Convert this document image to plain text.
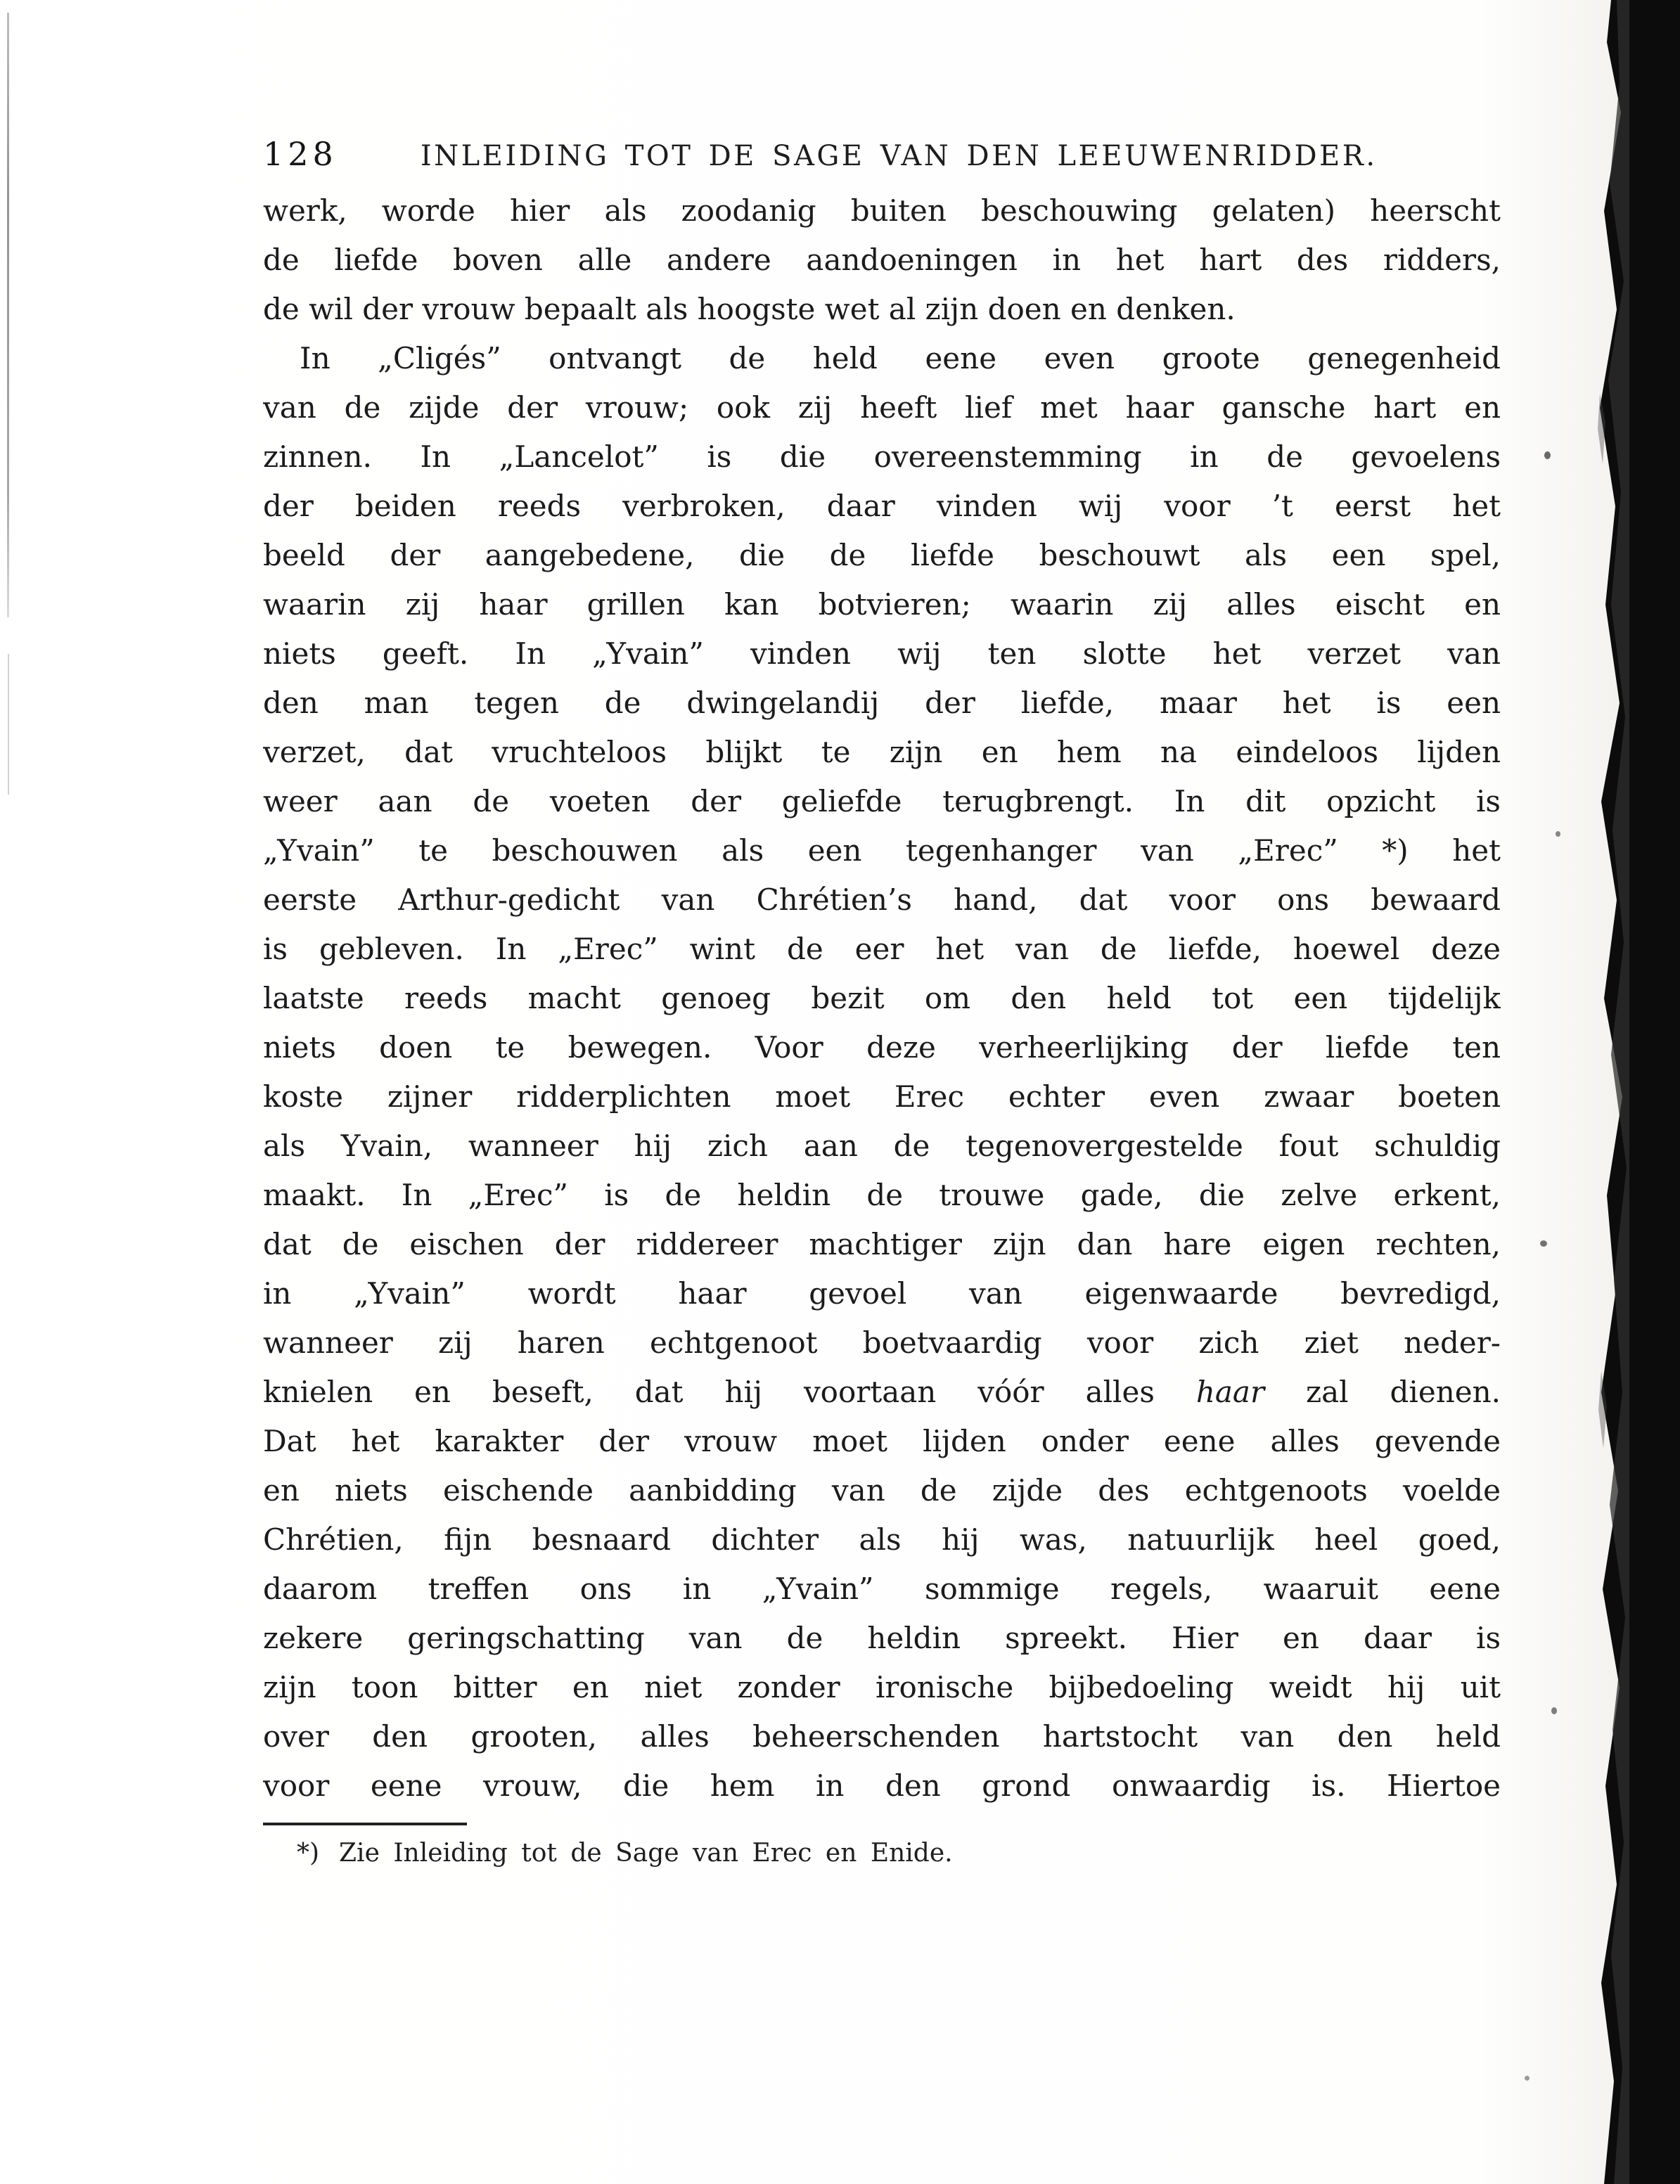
128	INLEIDING TOT DE SAGE VAN DEN LEEUWENRIDDER.
werk, worde hier als zoodanig buiten beschouwing gelaten) heerscht
de liefde boven alle andere aandoeningen in het hart des ridders,
de wil der vrouw bepaalt als hoogste wet al zijn doen en denken.
In „Cligés” ontvangt de held eene even groote genegenheid
van de zijde der vrouw; ook zij heeft lief met haar gansche hart en
zinnen. In „Lancelot” is die overeenstemming in de gevoelens
der beiden reeds verbroken, daar vinden wij voor ’t eerst het
beeld der aangebedene, die de liefde beschouwt als een spel,
waarin zij haar grillen kan botvieren; waarin zij alles eischt en
niets geeft. In „Yvain” vinden wij ten slotte het verzet van
den man tegen de dwingelandij der liefde, maar het is een
verzet, dat vruchteloos blijkt te zijn en hem na eindeloos lijden
weer aan de voeten der geliefde terugbrengt. In dit opzicht is
„Yvain” te beschouwen als een tegenhanger van „Erec” *) het
eerste Arthur-gedicht van Chrétien’s hand, dat voor ons bewaard
is gebleven. In „Erec” wint de eer het van de liefde, hoewel deze
laatste reeds macht genoeg bezit om den held tot een tijdelijk
niets doen te bewegen. Voor deze verheerlijking der liefde ten
koste zijner ridderplichten moet Erec echter even zwaar boeten
als Yvain, wanneer hij zich aan de tegenovergestelde fout schuldig
maakt. In „Erec” is de heldin de trouwe gade, die zelve erkent,
dat de eischen der riddereer machtiger zijn dan hare eigen rechten,
in „Yvain” wordt haar gevoel van eigenwaarde bevredigd,
wanneer zij haren echtgenoot boetvaardig voor zich ziet neder-
knielen en beseft, dat hij voortaan vóór alles haar zal dienen.
Dat het karakter der vrouw moet lijden onder eene alles gevende
en niets eischende aanbidding van de zijde des echtgenoots voelde
Chrétien, fijn besnaard dichter als hij was, natuurlijk heel goed,
daarom treffen ons in „Yvain” sommige regels, waaruit eene
zekere geringschatting van de heldin spreekt. Hier en daar is
zijn toon bitter en niet zonder ironische bijbedoeling weidt hij uit
over den grooten, alles beheerschenden hartstocht van den held
voor eene vrouw, die hem in den grond onwaardig is. Hiertoe
*) Zie Inleiding tot de Sage van Erec en Enide.
